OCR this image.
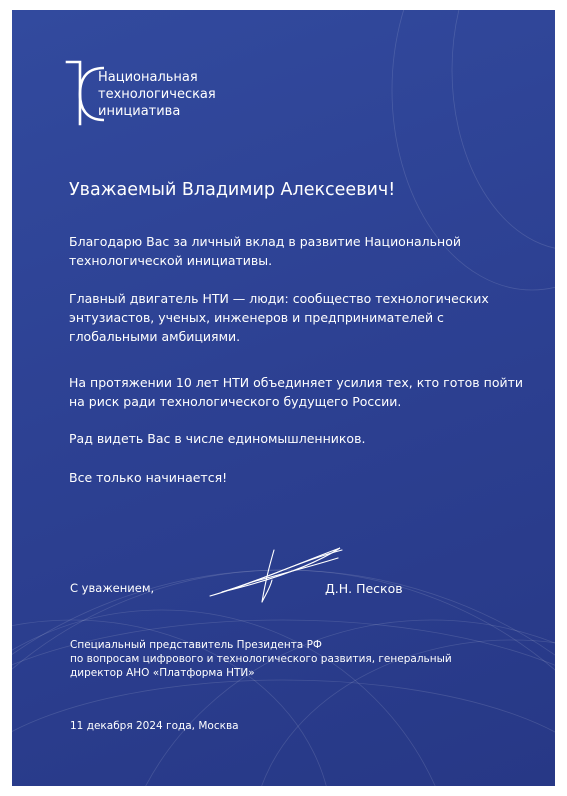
Национальная
технологическая
инициатива
Уважаемый Владимир Алексеевич!
Благодарю Вас за личный вклад в развитие Национальной технологической инициативы.
Главный двигатель НТИ — люди: сообщество технологических энтузиастов, ученых, инженеров и предпринимателей с глобальными амбициями.
На протяжении 10 лет НТИ объединяет усилия тех, кто готов пойти на риск ради технологического будущего России.
Рад видеть Вас в числе единомышленников.
Все только начинается!
С уважением,	Д.Н. Песков
Специальный представитель Президента РФ
по вопросам цифрового и технологического развития, генеральный
директор АНО «Платформа НТИ»
11 декабря 2024 года, Москва
